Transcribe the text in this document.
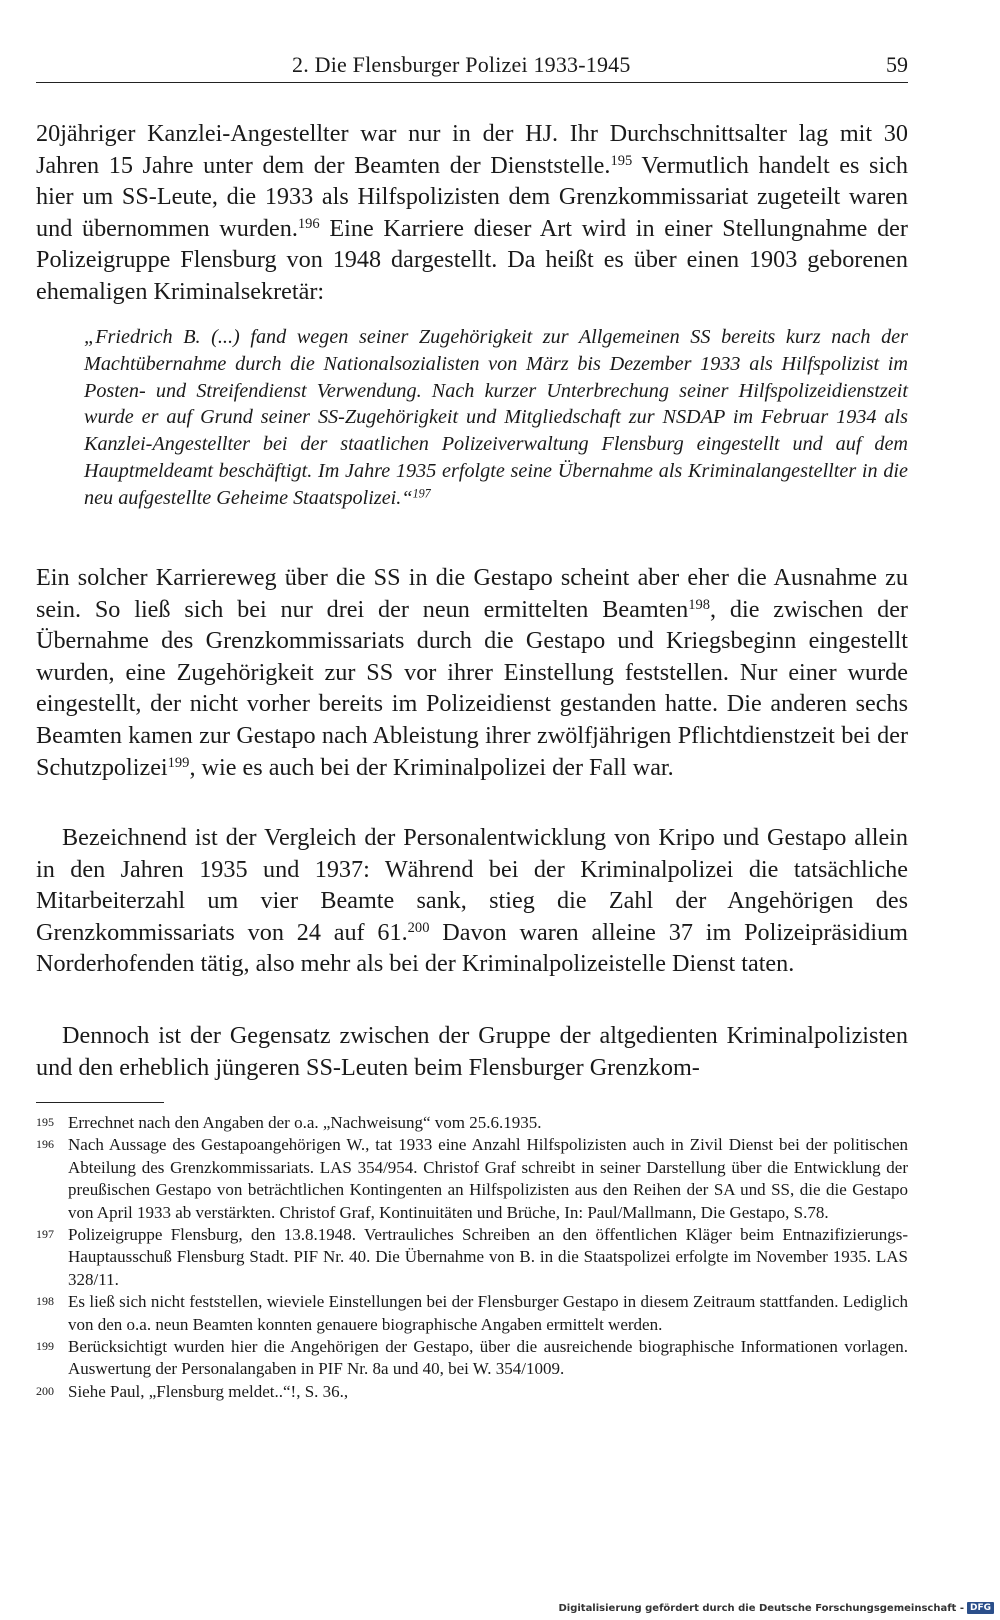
2. Die Flensburger Polizei 1933-1945	59
20jähriger Kanzlei-Angestellter war nur in der HJ. Ihr Durchschnittsalter lag mit 30 Jahren 15 Jahre unter dem der Beamten der Dienststelle.$^{195}$ Vermutlich handelt es sich hier um SS-Leute, die 1933 als Hilfspolizisten dem Grenzkommissariat zugeteilt waren und übernommen wurden.$^{196}$ Eine Karriere dieser Art wird in einer Stellungnahme der Polizeigruppe Flensburg von 1948 dargestellt. Da heißt es über einen 1903 geborenen ehemaligen Kriminalsekretär:
„Friedrich B. (...) fand wegen seiner Zugehörigkeit zur Allgemeinen SS bereits kurz nach der Machtübernahme durch die Nationalsozialisten von März bis Dezember 1933 als Hilfspolizist im Posten- und Streifendienst Verwendung. Nach kurzer Unterbrechung seiner Hilfspolizeidienstzeit wurde er auf Grund seiner SS-Zugehörigkeit und Mitgliedschaft zur NSDAP im Februar 1934 als Kanzlei-Angestellter bei der staatlichen Polizeiverwaltung Flensburg eingestellt und auf dem Hauptmeldeamt beschäftigt. Im Jahre 1935 erfolgte seine Übernahme als Kriminalangestellter in die neu aufgestellte Geheime Staatspolizei.“$^{197}$
Ein solcher Karriereweg über die SS in die Gestapo scheint aber eher die Ausnahme zu sein. So ließ sich bei nur drei der neun ermittelten Beamten$^{198}$, die zwischen der Übernahme des Grenzkommissariats durch die Gestapo und Kriegsbeginn eingestellt wurden, eine Zugehörigkeit zur SS vor ihrer Einstellung feststellen. Nur einer wurde eingestellt, der nicht vorher bereits im Polizeidienst gestanden hatte. Die anderen sechs Beamten kamen zur Gestapo nach Ableistung ihrer zwölfjährigen Pflichtdienstzeit bei der Schutzpolizei$^{199}$, wie es auch bei der Kriminalpolizei der Fall war.
Bezeichnend ist der Vergleich der Personalentwicklung von Kripo und Gestapo allein in den Jahren 1935 und 1937: Während bei der Kriminalpolizei die tatsächliche Mitarbeiterzahl um vier Beamte sank, stieg die Zahl der Angehörigen des Grenzkommissariats von 24 auf 61.$^{200}$ Davon waren alleine 37 im Polizeipräsidium Norderhofenden tätig, also mehr als bei der Kriminalpolizeistelle Dienst taten.
Dennoch ist der Gegensatz zwischen der Gruppe der altgedienten Kriminalpolizisten und den erheblich jüngeren SS-Leuten beim Flensburger Grenzkom-
195 Errechnet nach den Angaben der o.a. „Nachweisung“ vom 25.6.1935.
196 Nach Aussage des Gestapoangehörigen W., tat 1933 eine Anzahl Hilfspolizisten auch in Zivil Dienst bei der politischen Abteilung des Grenzkommissariats. LAS 354/954. Christof Graf schreibt in seiner Darstellung über die Entwicklung der preußischen Gestapo von beträchtlichen Kontingenten an Hilfspolizisten aus den Reihen der SA und SS, die die Gestapo von April 1933 ab verstärkten. Christof Graf, Kontinuitäten und Brüche, In: Paul/Mallmann, Die Gestapo, S.78.
197 Polizeigruppe Flensburg, den 13.8.1948. Vertrauliches Schreiben an den öffentlichen Kläger beim Entnazifizierungs-Hauptausschuß Flensburg Stadt. PIF Nr. 40. Die Übernahme von B. in die Staatspolizei erfolgte im November 1935. LAS 328/11.
198 Es ließ sich nicht feststellen, wieviele Einstellungen bei der Flensburger Gestapo in diesem Zeitraum stattfanden. Lediglich von den o.a. neun Beamten konnten genauere biographische Angaben ermittelt werden.
199 Berücksichtigt wurden hier die Angehörigen der Gestapo, über die ausreichende biographische Informationen vorlagen. Auswertung der Personalangaben in PIF Nr. 8a und 40, bei W. 354/1009.
200 Siehe Paul, „Flensburg meldet..“!, S. 36.,
Digitalisierung gefördert durch die Deutsche Forschungsgemeinschaft - DFG
